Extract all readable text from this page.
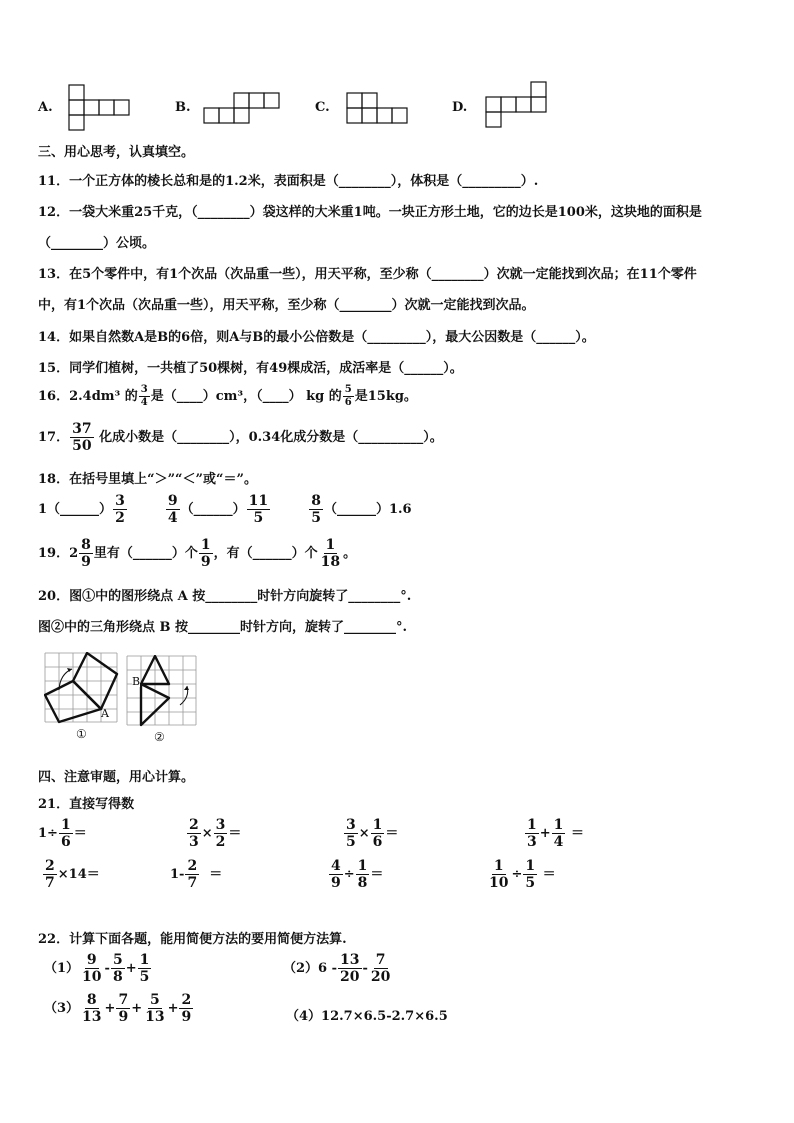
A.	B.	C.	D.
三、用心思考，认真填空。
11．一个正方体的棱长总和是的1.2米，表面积是（________），体积是（_________）.
12．一袋大米重25千克，（________）袋这样的大米重1吨。一块正方形土地，它的边长是100米，这块地的面积是
（________）公顷。
13．在5个零件中，有1个次品（次品重一些），用天平称，至少称（________）次就一定能找到次品；在11个零件
中，有1个次品（次品重一些），用天平称，至少称（________）次就一定能找到次品。
14．如果自然数A是B的6倍，则A与B的最小公倍数是（_________），最大公因数是（______）。
15．同学们植树，一共植了50棵树，有49棵成活，成活率是（______）。
16．2.4dm³ 的 $\frac{3}{4}$ 是（____）cm³，（____） kg 的 $\frac{5}{6}$ 是15kg。
17． $\frac{37}{50}$ 化成小数是（________），0.34化成分数是（__________）。
18．在括号里填上“＞”“＜”或“＝”。
1（______） $\frac{3}{2}$
	$\frac{9}{4}$ （______） $\frac{11}{5}$
	$\frac{8}{5}$ （______）1.6
19．$2 \frac{8}{9}$ 里有（______）个 $\frac{1}{9}$ ，有（______）个 $\frac{1}{18}$ 。
20．图①中的图形绕点 A 按________时针方向旋转了________°.
图②中的三角形绕点 B 按________时针方向，旋转了________°.
A
①
B
②
四、注意审题，用心计算。
21．直接写得数
$1\div \frac{1}{6}$ ＝	$\frac{2}{3} \times \frac{3}{2}$ ＝	$\frac{3}{5} \times \frac{1}{6}$ ＝	$\frac{1}{3} + \frac{1}{4}$ ＝
$\frac{2}{7} \times 14=$	$1- \frac{2}{7}$ ＝	$\frac{4}{9} \div \frac{1}{8}$ ＝	$\frac{1}{10} \div \frac{1}{5}$ ＝
22．计算下面各题，能用简便方法的要用简便方法算.
$(1) \frac{9}{10} - \frac{5}{8} + \frac{1}{5}$	$(2)6 - \frac{13}{20} - \frac{7}{20}$
$(3) \frac{8}{13} + \frac{7}{9} + \frac{5}{13} + \frac{2}{9}$	（4）12.7×6.5-2.7×6.5
